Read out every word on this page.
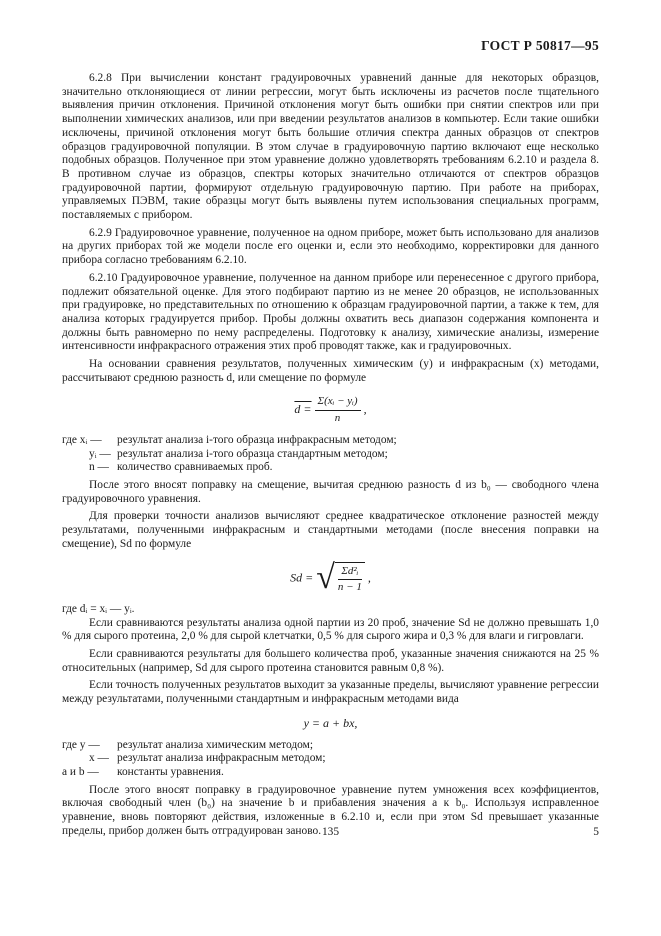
ГОСТ Р 50817—95

6.2.8 При вычислении констант градуировочных уравнений данные для некоторых образцов, значительно отклоняющиеся от линии регрессии, могут быть исключены из расчетов после тщательного выявления причин отклонения. Причиной отклонения могут быть ошибки при снятии спектров или при выполнении химических анализов, или при введении результатов анализов в компьютер. Если такие ошибки исключены, причиной отклонения могут быть большие отличия спектра данных образцов от спектров образцов градуировочной популяции. В этом случае в градуировочную партию включают еще несколько подобных образцов. Полученное при этом уравнение должно удовлетворять требованиям 6.2.10 и раздела 8. В противном случае из образцов, спектры которых значительно отличаются от спектров образцов градуировочной партии, формируют отдельную градуировочную партию. При работе на приборах, управляемых ПЭВМ, такие образцы могут быть выявлены путем использования специальных программ, поставляемых с прибором.

6.2.9 Градуировочное уравнение, полученное на одном приборе, может быть использовано для анализов на других приборах той же модели после его оценки и, если это необходимо, корректировки для данного прибора согласно требованиям 6.2.10.

6.2.10 Градуировочное уравнение, полученное на данном приборе или перенесенное с другого прибора, подлежит обязательной оценке. Для этого подбирают партию из не менее 20 образцов, не использованных при градуировке, но представительных по отношению к образцам градуировочной партии, а также к тем, для анализа которых градуируется прибор. Пробы должны охватить весь диапазон содержания компонента и должны быть равномерно по нему распределены. Подготовку к анализу, химические анализы, измерение интенсивности инфракрасного отражения этих проб проводят также, как и градуировочных.

На основании сравнения результатов, полученных химическим (y) и инфракрасным (x) методами, рассчитывают среднюю разность d, или смещение по формуле

$d = \frac{\text{Σ(xᵢ − yᵢ)}}{n}$ ,
где xᵢ —	результат анализа i-того образца инфракрасным методом;
yᵢ — результат анализа i-того образца стандартным методом;
n — количество сравниваемых проб.

После этого вносят поправку на смещение, вычитая среднюю разность d из b₀ — свободного члена градуировочного уравнения.

Для проверки точности анализов вычисляют среднее квадратическое отклонение разностей между результатами, полученными инфракрасным и стандартными методами (после внесения поправки на смещение), Sd по формуле

Sd = √ $\frac{\text{Σd²ᵢ}}{n - 1}$ ,
где dᵢ = xᵢ — yᵢ.

Если сравниваются результаты анализа одной партии из 20 проб, значение Sd не должно превышать 1,0 % для сырого протеина, 2,0 % для сырой клетчатки, 0,5 % для сырого жира и 0,3 % для влаги и гигровлаги.

Если сравниваются результаты для большего количества проб, указанные значения снижаются на 25 % относительных (например, Sd для сырого протеина становится равным 0,8 %).

Если точность полученных результатов выходит за указанные пределы, вычисляют уравнение регрессии между результатами, полученными стандартным и инфракрасным методами вида

y = a + bx,
где y —	результат анализа химическим методом;
x — результат анализа инфракрасным методом;
a и b —	константы уравнения.

После этого вносят поправку в градуировочное уравнение путем умножения всех коэффициентов, включая свободный член (b₀) на значение b и прибавления значения a к b₀. Используя исправленное уравнение, вновь повторяют действия, изложенные в 6.2.10 и, если при этом Sd превышает указанные пределы, прибор должен быть отградуирован заново. 135	5
